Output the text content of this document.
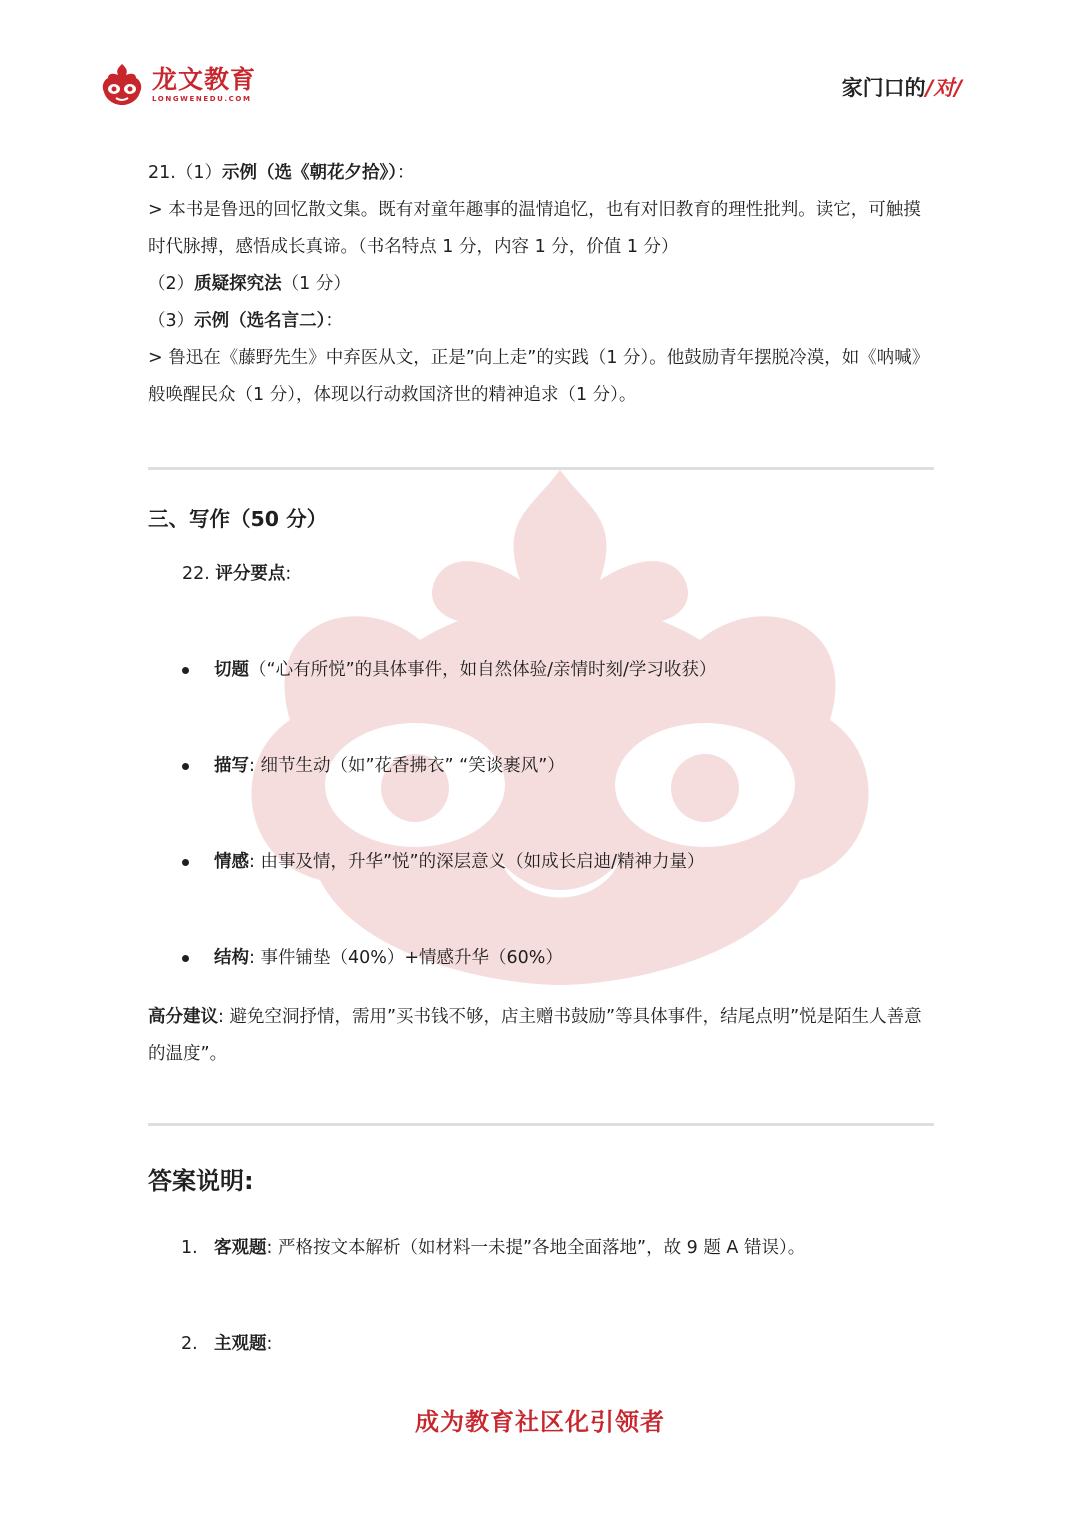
龙文教育
LONGWENEDU.COM	家门口的/对/

21.（1）示例（选《朝花夕拾》）：

> 本书是鲁迅的回忆散文集。既有对童年趣事的温情追忆，也有对旧教育的理性批判。读它，可触摸时代脉搏，感悟成长真谛。（书名特点 1 分，内容 1 分，价值 1 分）

（2）质疑探究法（1 分）

（3）示例（选名言二）：

> 鲁迅在《藤野先生》中弃医从文，正是”向上走”的实践（1 分）。他鼓励青年摆脱冷漠，如《呐喊》般唤醒民众（1 分），体现以行动救国济世的精神追求（1 分）。

三、写作（50 分）

22. 评分要点:

切题（“心有所悦”的具体事件，如自然体验/亲情时刻/学习收获）
描写: 细节生动（如”花香拂衣” “笑谈裹风”）
情感: 由事及情，升华”悦”的深层意义（如成长启迪/精神力量）
结构: 事件铺垫（40%）+情感升华（60%）

高分建议: 避免空洞抒情，需用”买书钱不够，店主赠书鼓励”等具体事件，结尾点明”悦是陌生人善意的温度”。

答案说明:
1. 客观题: 严格按文本解析（如材料一未提”各地全面落地”，故 9 题 A 错误）。
2. 主观题:
成为教育社区化引领者
